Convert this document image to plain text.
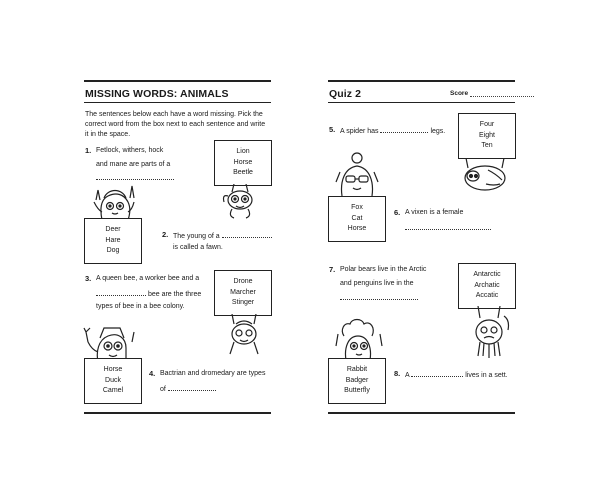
MISSING WORDS: ANIMALS
The sentences below each have a word missing. Pick the
correct word from the box next to each sentence and write
it in the space.
1. Fetlock, withers, hock
and mane are parts of a
Lion
Horse
Beetle
Deer
Hare
Dog
2. The young of a
is called a fawn.
3. A queen bee, a worker bee and a
bee are the three
types of bee in a bee colony.
Drone
Marcher
Stinger
Horse
Duck
Camel
4. Bactrian and dromedary are types
of
Quiz 2	Score
5. A spider has	legs.
Four
Eight
Ten
Fox
Cat
Horse
6. A vixen is a female
7. Polar bears live in the Arctic
and penguins live in the
Antarctic
Archatic
Accatic
Rabbit
Badger
Butterfly
8. A	lives in a sett.
